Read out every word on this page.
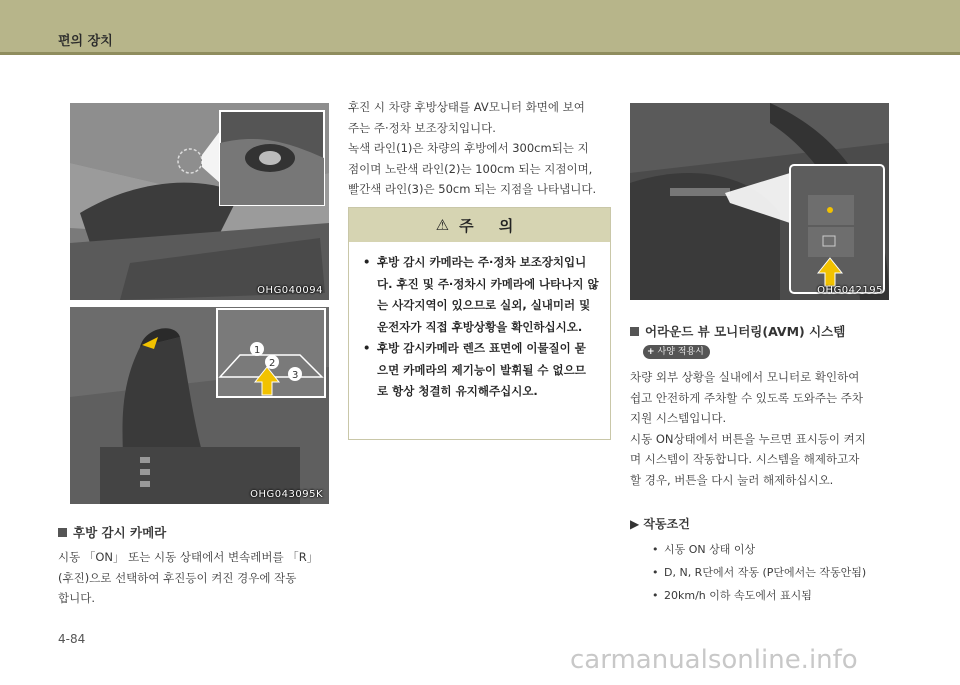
편의 장치
OHG040094
1
2
3
OHG043095K
OHG042195
후방 감시 카메라

시동 「ON」 또는 시동 상태에서 변속레버를 「R」

(후진)으로 선택하여 후진등이 켜진 경우에 작동

합니다.

후진 시 차량 후방상태를 AV모니터 화면에 보여

주는 주·정차 보조장치입니다.

녹색 라인(1)은 차량의 후방에서 300cm되는 지

점이며 노란색 라인(2)는 100cm 되는 지점이며,

빨간색 라인(3)은 50cm 되는 지점을 나타냅니다.

⚠ 주 의
• 후방 감시 카메라는 주·정차 보조장치입니
다. 후진 및 주·정차시 카메라에 나타나지 않
는 사각지역이 있으므로 실외, 실내미러 및
운전자가 직접 후방상황을 확인하십시오.
• 후방 감시카메라 렌즈 표면에 이물질이 묻
으면 카메라의 제기능이 발휘될 수 없으므
로 항상 청결히 유지해주십시오.
어라운드 뷰 모니터링(AVM) 시스템
+ 사양 적용시

차량 외부 상황을 실내에서 모니터로 확인하여

쉽고 안전하게 주차할 수 있도록 도와주는 주차

지원 시스템입니다.

시동 ON상태에서 버튼을 누르면 표시등이 켜지

며 시스템이 작동합니다. 시스템을 해제하고자

할 경우, 버튼을 다시 눌러 해제하십시오.

▶ 작동조건
• 시동 ON 상태 이상
• D, N, R단에서 작동 (P단에서는 작동안됨)
• 20km/h 이하 속도에서 표시됨
4-84
carmanualsonline.info
